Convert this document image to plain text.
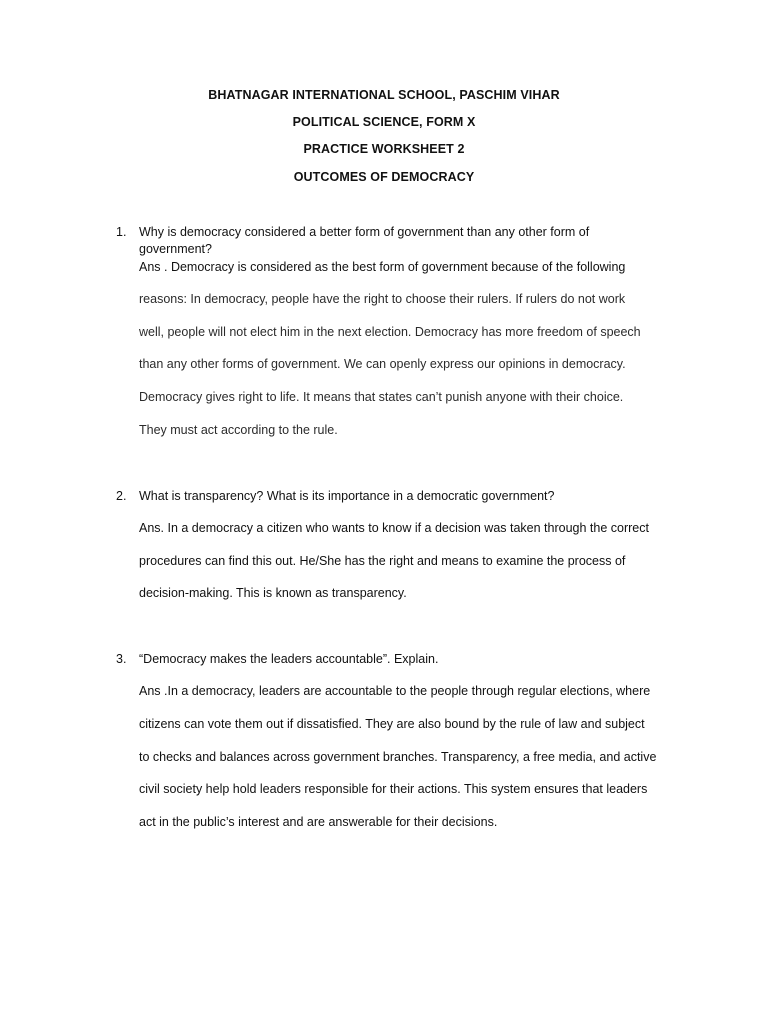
BHATNAGAR INTERNATIONAL SCHOOL, PASCHIM VIHAR
POLITICAL SCIENCE, FORM X
PRACTICE WORKSHEET 2
OUTCOMES OF DEMOCRACY
1. Why is democracy considered a better form of government than any other form of government?
Ans . Democracy is considered as the best form of government because of the following
reasons: In democracy, people have the right to choose their rulers. If rulers do not work
well, people will not elect him in the next election. Democracy has more freedom of speech
than any other forms of government. We can openly express our opinions in democracy.
Democracy gives right to life. It means that states can’t punish anyone with their choice.
They must act according to the rule.
2. What is transparency? What is its importance in a democratic government?
Ans. In a democracy a citizen who wants to know if a decision was taken through the correct
procedures can find this out. He/She has the right and means to examine the process of
decision-making. This is known as transparency.
3. “Democracy makes the leaders accountable”. Explain.
Ans .In a democracy, leaders are accountable to the people through regular elections, where
citizens can vote them out if dissatisfied. They are also bound by the rule of law and subject
to checks and balances across government branches. Transparency, a free media, and active
civil society help hold leaders responsible for their actions. This system ensures that leaders
act in the public’s interest and are answerable for their decisions.
